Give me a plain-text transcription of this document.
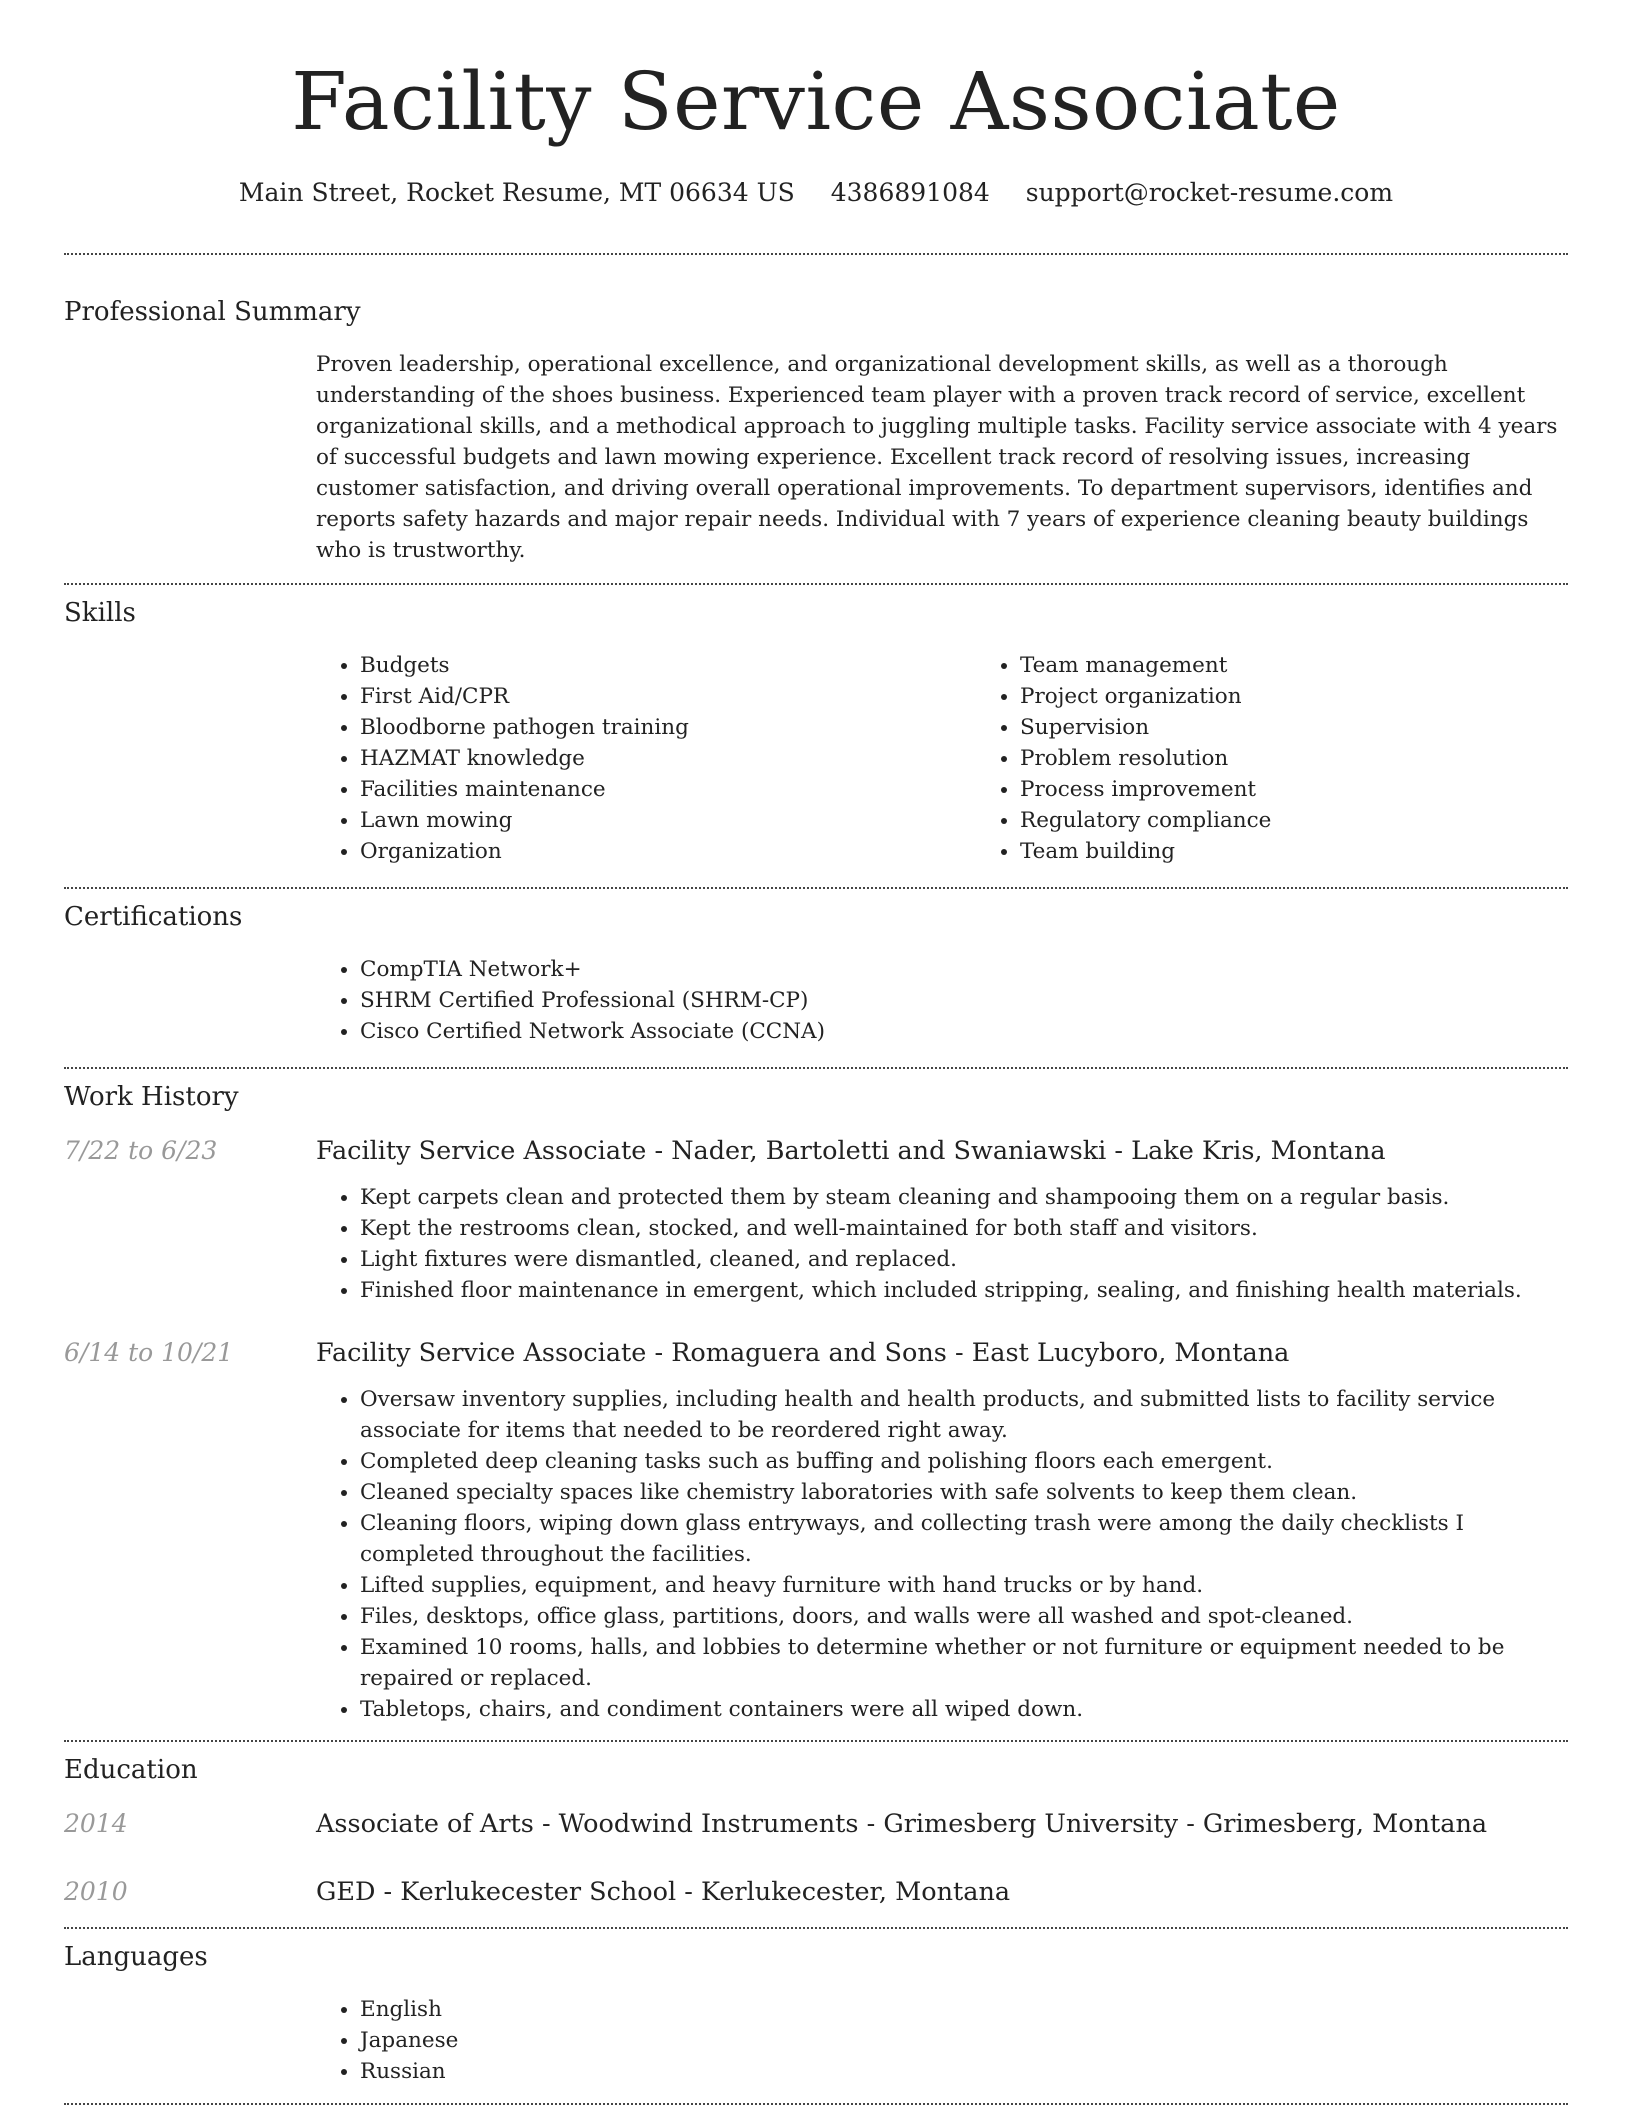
Facility Service Associate
Main Street, Rocket Resume, MT 06634 US 4386891084 support@rocket-resume.com
Professional Summary

Proven leadership, operational excellence, and organizational development skills, as well as a thorough understanding of the shoes business. Experienced team player with a proven track record of service, excellent organizational skills, and a methodical approach to juggling multiple tasks. Facility service associate with 4 years of successful budgets and lawn mowing experience. Excellent track record of resolving issues, increasing customer satisfaction, and driving overall operational improvements. To department supervisors, identifies and reports safety hazards and major repair needs. Individual with 7 years of experience cleaning beauty buildings who is trustworthy.

Skills
• Budgets
• First Aid/CPR
• Bloodborne pathogen training
• HAZMAT knowledge
• Facilities maintenance
• Lawn mowing
• Organization
• Team management
• Project organization
• Supervision
• Problem resolution
• Process improvement
• Regulatory compliance
• Team building
Certifications
• CompTIA Network+
• SHRM Certified Professional (SHRM-CP)
• Cisco Certified Network Associate (CCNA)
Work History
7/22 to 6/23	Facility Service Associate - Nader, Bartoletti and Swaniawski - Lake Kris, Montana
• Kept carpets clean and protected them by steam cleaning and shampooing them on a regular basis.
• Kept the restrooms clean, stocked, and well-maintained for both staff and visitors.
• Light fixtures were dismantled, cleaned, and replaced.
• Finished floor maintenance in emergent, which included stripping, sealing, and finishing health materials.
6/14 to 10/21	Facility Service Associate - Romaguera and Sons - East Lucyboro, Montana
• Oversaw inventory supplies, including health and health products, and submitted lists to facility service associate for items that needed to be reordered right away.
• Completed deep cleaning tasks such as buffing and polishing floors each emergent.
• Cleaned specialty spaces like chemistry laboratories with safe solvents to keep them clean.
• Cleaning floors, wiping down glass entryways, and collecting trash were among the daily checklists I completed throughout the facilities.
• Lifted supplies, equipment, and heavy furniture with hand trucks or by hand.
• Files, desktops, office glass, partitions, doors, and walls were all washed and spot-cleaned.
• Examined 10 rooms, halls, and lobbies to determine whether or not furniture or equipment needed to be repaired or replaced.
• Tabletops, chairs, and condiment containers were all wiped down.
Education
2014	Associate of Arts - Woodwind Instruments - Grimesberg University - Grimesberg, Montana
2010	GED - Kerlukecester School - Kerlukecester, Montana
Languages
• English
• Japanese
• Russian
